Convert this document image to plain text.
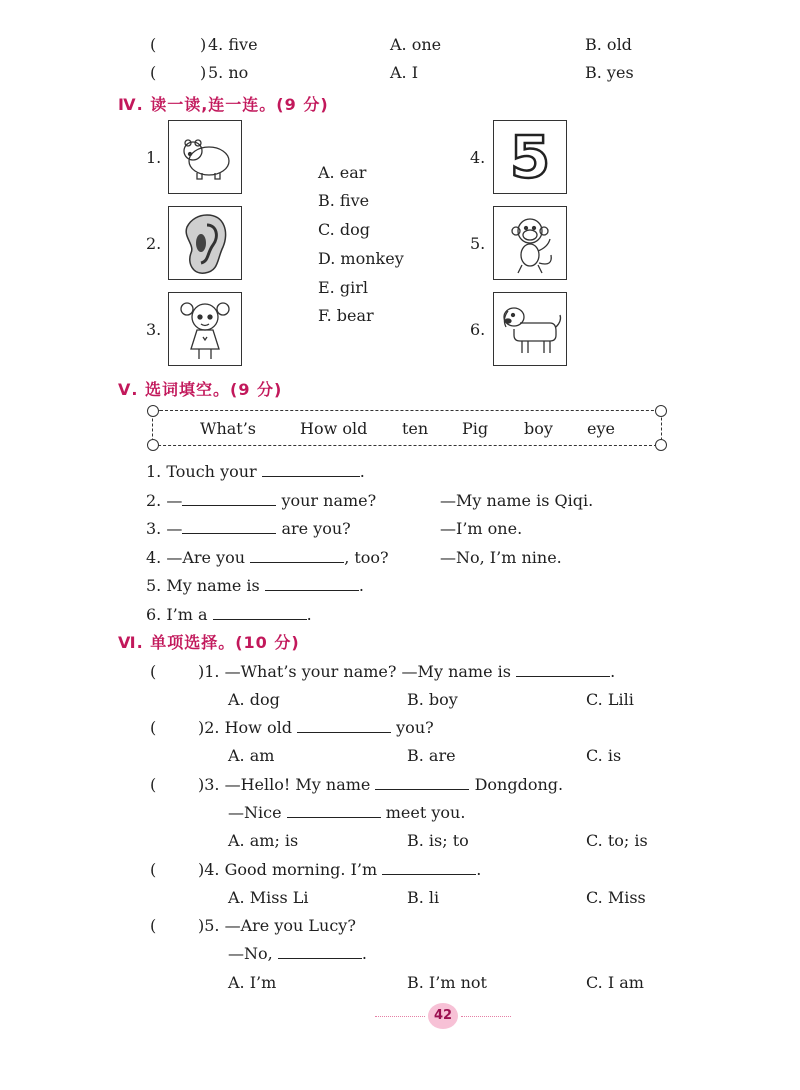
(	) 4. five	A. one	B. old
(	) 5. no	A. I	B. yes
Ⅳ. 读一读,连一连。(9 分)
1.
2.
3.
4.
5.
6.
5
A. ear
B. five
C. dog
D. monkey
E. girl
F. bear
Ⅴ. 选词填空。(9 分)
What’s	How old ten Pig boy eye
1. Touch your	.
2. —	your name?	—My name is Qiqi.
3. —	are you?	—I’m one.
4. —Are you	, too?	—No, I’m nine.
5. My name is	.
6. I’m a	.
Ⅵ. 单项选择。(10 分)
(	)1. —What’s your name? —My name is	.
A. dog	B. boy	C. Lili
(	)2. How old	you?
A. am	B. are	C. is
(	)3. —Hello! My name	Dongdong.
—Nice	meet you.
A. am; is	B. is; to	C. to; is
(	)4. Good morning. I’m	.
A. Miss Li	B. li	C. Miss
(	)5. —Are you Lucy?
—No,	.
A. I’m	B. I’m not	C. I am
42
